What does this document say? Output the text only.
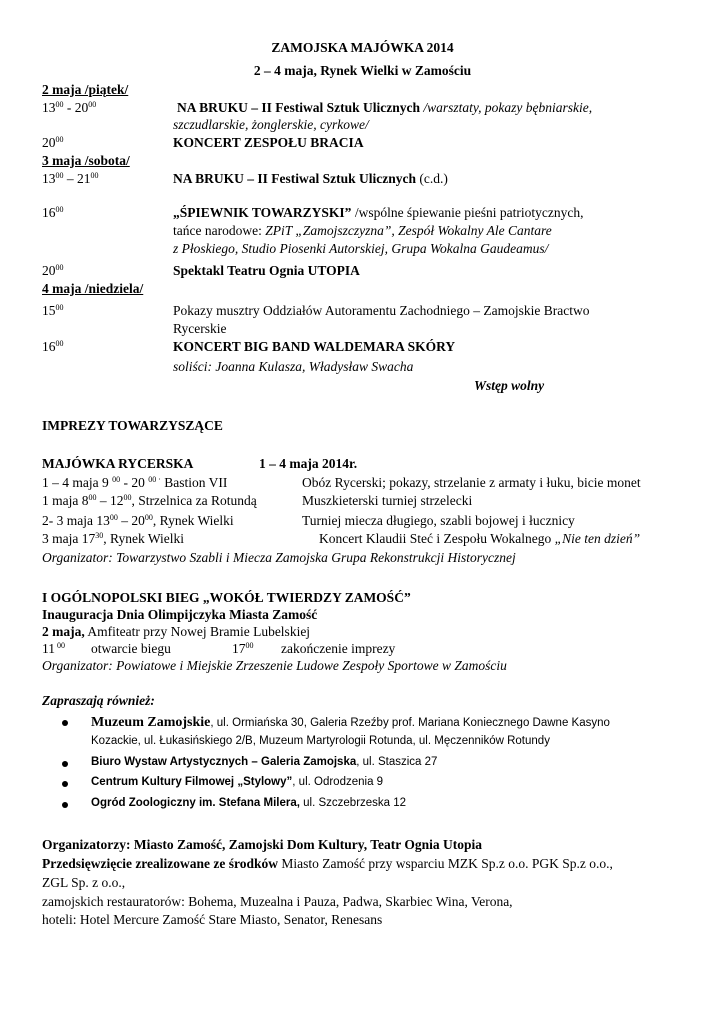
ZAMOJSKA MAJÓWKA 2014
2 – 4 maja, Rynek Wielki w Zamościu
2 maja /piątek/
$13^{00} - 20^{00}$	NA BRUKU – II Festiwal Sztuk Ulicznych /warsztaty, pokazy bębniarskie,
szczudlarskie, żonglerskie, cyrkowe/
$20^{00}$	KONCERT ZESPOŁU BRACIA
3 maja /sobota/
$13^{00} - 21^{00}$	NA BRUKU – II Festiwal Sztuk Ulicznych (c.d.)
$16^{00}$	„ŚPIEWNIK TOWARZYSKI” /wspólne śpiewanie pieśni patriotycznych,
tańce narodowe: ZPiT „Zamojszczyzna”, Zespół Wokalny Ale Cantare
z Płoskiego, Studio Piosenki Autorskiej, Grupa Wokalna Gaudeamus/
$20^{00}$	Spektakl Teatru Ognia UTOPIA
4 maja /niedziela/
$15^{00}$	Pokazy musztry Oddziałów Autoramentu Zachodniego – Zamojskie Bractwo
Rycerskie
$16^{00}$	KONCERT BIG BAND WALDEMARA SKÓRY
soliści: Joanna Kulasza, Władysław Swacha
Wstęp wolny
IMPREZY TOWARZYSZĄCE
MAJÓWKA RYCERSKA	1 – 4 maja 2014r.
1 – 4 maja 9 $^{00}$ - 20 $^{00 \cdot}$ Bastion VII	Obóz Rycerski; pokazy, strzelanie z armaty i łuku, bicie monet
1 maja $8^{00} - 12^{00}$, Strzelnica za Rotundą	Muszkieterski turniej strzelecki
2- 3 maja $13^{00} - 20^{00}$, Rynek Wielki	Turniej miecza długiego, szabli bojowej i łucznicy
3 maja $17^{30}$, Rynek Wielki	Koncert Klaudii Steć i Zespołu Wokalnego „Nie ten dzień”
Organizator: Towarzystwo Szabli i Miecza Zamojska Grupa Rekonstrukcji Historycznej
I OGÓLNOPOLSKI BIEG „WOKÓŁ TWIERDZY ZAMOŚĆ”
Inauguracja Dnia Olimpijczyka Miasta Zamość
2 maja, Amfiteatr przy Nowej Bramie Lubelskiej
11 $^{00}$ otwarcie biegu	$17^{00}$ zakończenie imprezy
Organizator: Powiatowe i Miejskie Zrzeszenie Ludowe Zespoły Sportowe w Zamościu
Zapraszają również:
Muzeum Zamojskie, ul. Ormiańska 30, Galeria Rzeźby prof. Mariana Koniecznego Dawne Kasyno
Kozackie, ul. Łukasińskiego 2/B, Muzeum Martyrologii Rotunda, ul. Męczenników Rotundy
Biuro Wystaw Artystycznych – Galeria Zamojska, ul. Staszica 27
Centrum Kultury Filmowej „Stylowy”, ul. Odrodzenia 9
Ogród Zoologiczny im. Stefana Milera, ul. Szczebrzeska 12
Organizatorzy: Miasto Zamość, Zamojski Dom Kultury, Teatr Ognia Utopia
Przedsięwzięcie zrealizowane ze środków Miasto Zamość przy wsparciu MZK Sp.z o.o. PGK Sp.z o.o.,
ZGL Sp. z o.o.,
zamojskich restauratorów: Bohema, Muzealna i Pauza, Padwa, Skarbiec Wina, Verona,
hoteli: Hotel Mercure Zamość Stare Miasto, Senator, Renesans
